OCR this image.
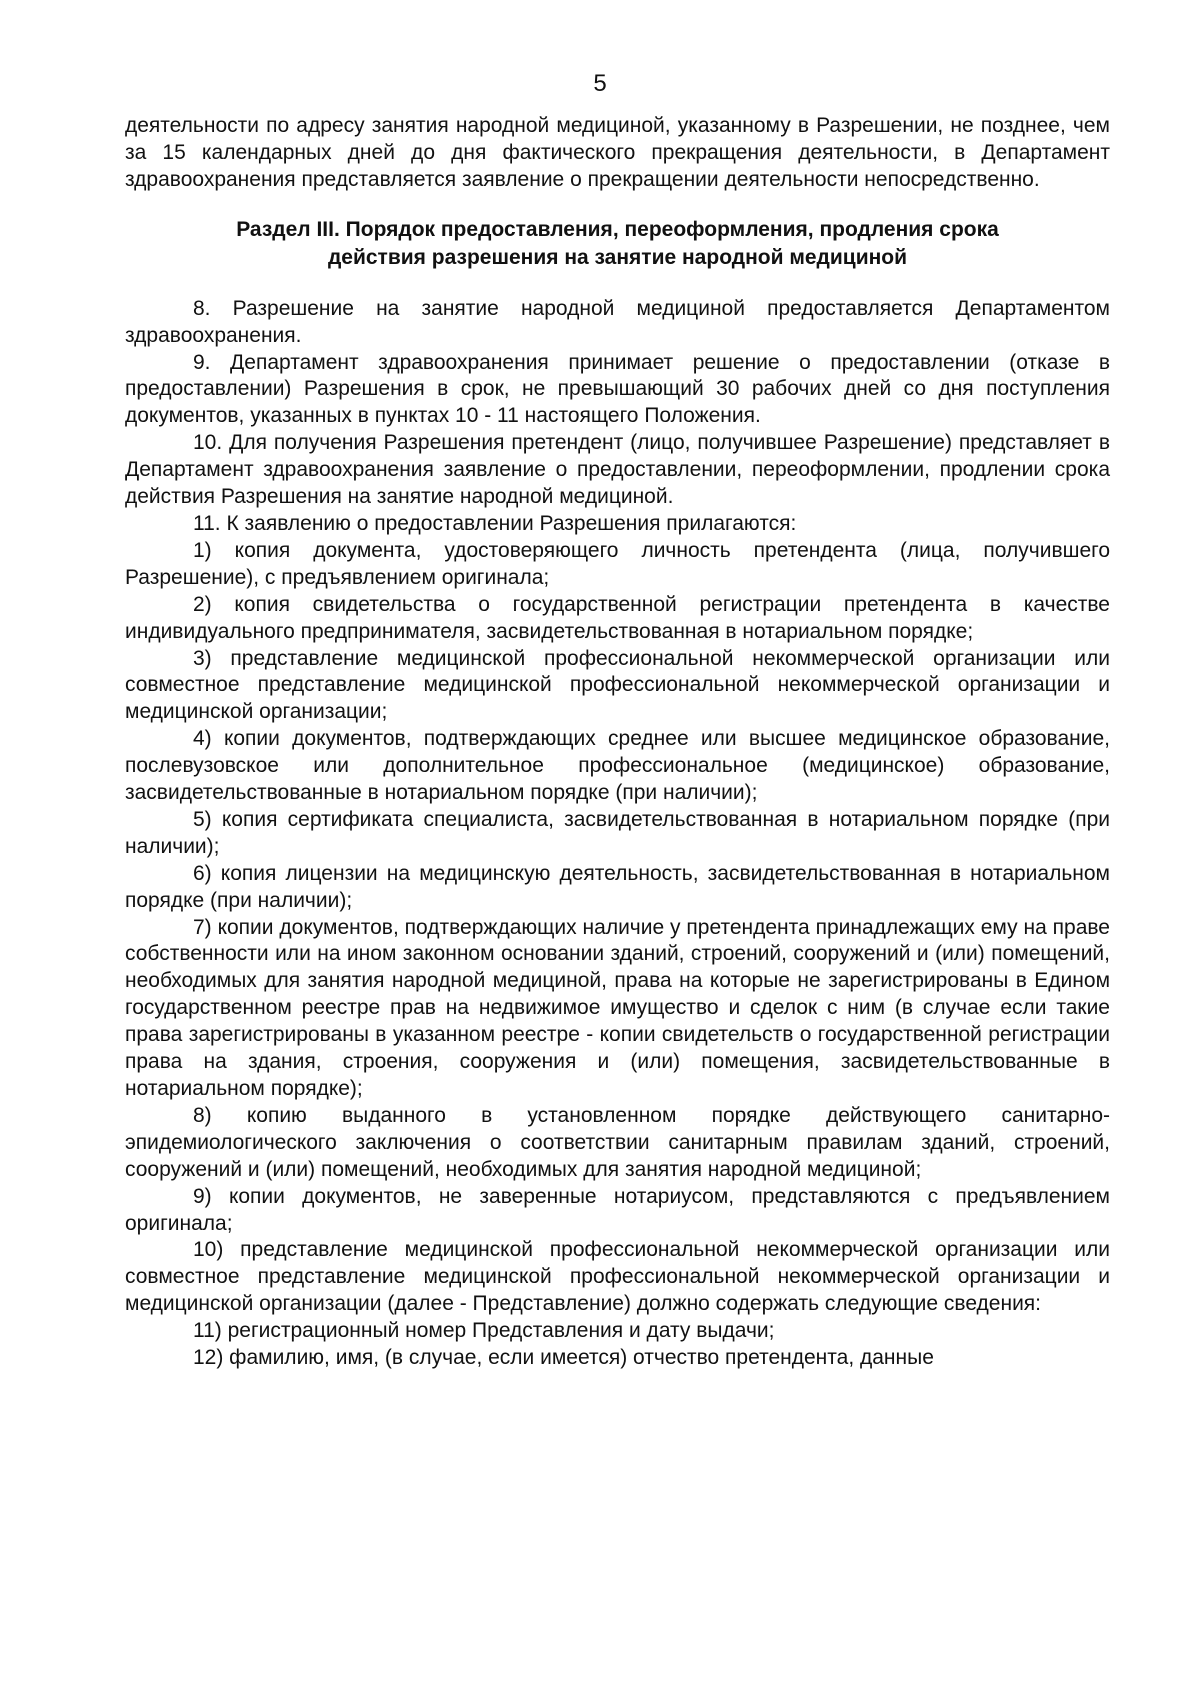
5

деятельности по адресу занятия народной медициной, указанному в Разрешении, не позднее, чем за 15 календарных дней до дня фактического прекращения деятельности, в Департамент здравоохранения представляется заявление о прекращении деятельности непосредственно.

Раздел III. Порядок предоставления, переоформления, продления срока
действия разрешения на занятие народной медициной

8. Разрешение на занятие народной медициной предоставляется Департаментом здравоохранения.

9. Департамент здравоохранения принимает решение о предоставлении (отказе в предоставлении) Разрешения в срок, не превышающий 30 рабочих дней со дня поступления документов, указанных в пунктах 10 - 11 настоящего Положения.

10. Для получения Разрешения претендент (лицо, получившее Разрешение) представляет в Департамент здравоохранения заявление о предоставлении, переоформлении, продлении срока действия Разрешения на занятие народной медициной.

11. К заявлению о предоставлении Разрешения прилагаются:

1) копия документа, удостоверяющего личность претендента (лица, получившего Разрешение), с предъявлением оригинала;

2) копия свидетельства о государственной регистрации претендента в качестве индивидуального предпринимателя, засвидетельствованная в нотариальном порядке;

3) представление медицинской профессиональной некоммерческой организации или совместное представление медицинской профессиональной некоммерческой организации и медицинской организации;

4) копии документов, подтверждающих среднее или высшее медицинское образование, послевузовское или дополнительное профессиональное (медицинское) образование, засвидетельствованные в нотариальном порядке (при наличии);

5) копия сертификата специалиста, засвидетельствованная в нотариальном порядке (при наличии);

6) копия лицензии на медицинскую деятельность, засвидетельствованная в нотариальном порядке (при наличии);

7) копии документов, подтверждающих наличие у претендента принадлежащих ему на праве собственности или на ином законном основании зданий, строений, сооружений и (или) помещений, необходимых для занятия народной медициной, права на которые не зарегистрированы в Едином государственном реестре прав на недвижимое имущество и сделок с ним (в случае если такие права зарегистрированы в указанном реестре - копии свидетельств о государственной регистрации права на здания, строения, сооружения и (или) помещения, засвидетельствованные в нотариальном порядке);

8) копию выданного в установленном порядке действующего санитарно-эпидемиологического заключения о соответствии санитарным правилам зданий, строений, сооружений и (или) помещений, необходимых для занятия народной медициной;

9) копии документов, не заверенные нотариусом, представляются с предъявлением оригинала;

10) представление медицинской профессиональной некоммерческой организации или совместное представление медицинской профессиональной некоммерческой организации и медицинской организации (далее - Представление) должно содержать следующие сведения:

11) регистрационный номер Представления и дату выдачи;

12) фамилию, имя, (в случае, если имеется) отчество претендента, данные
